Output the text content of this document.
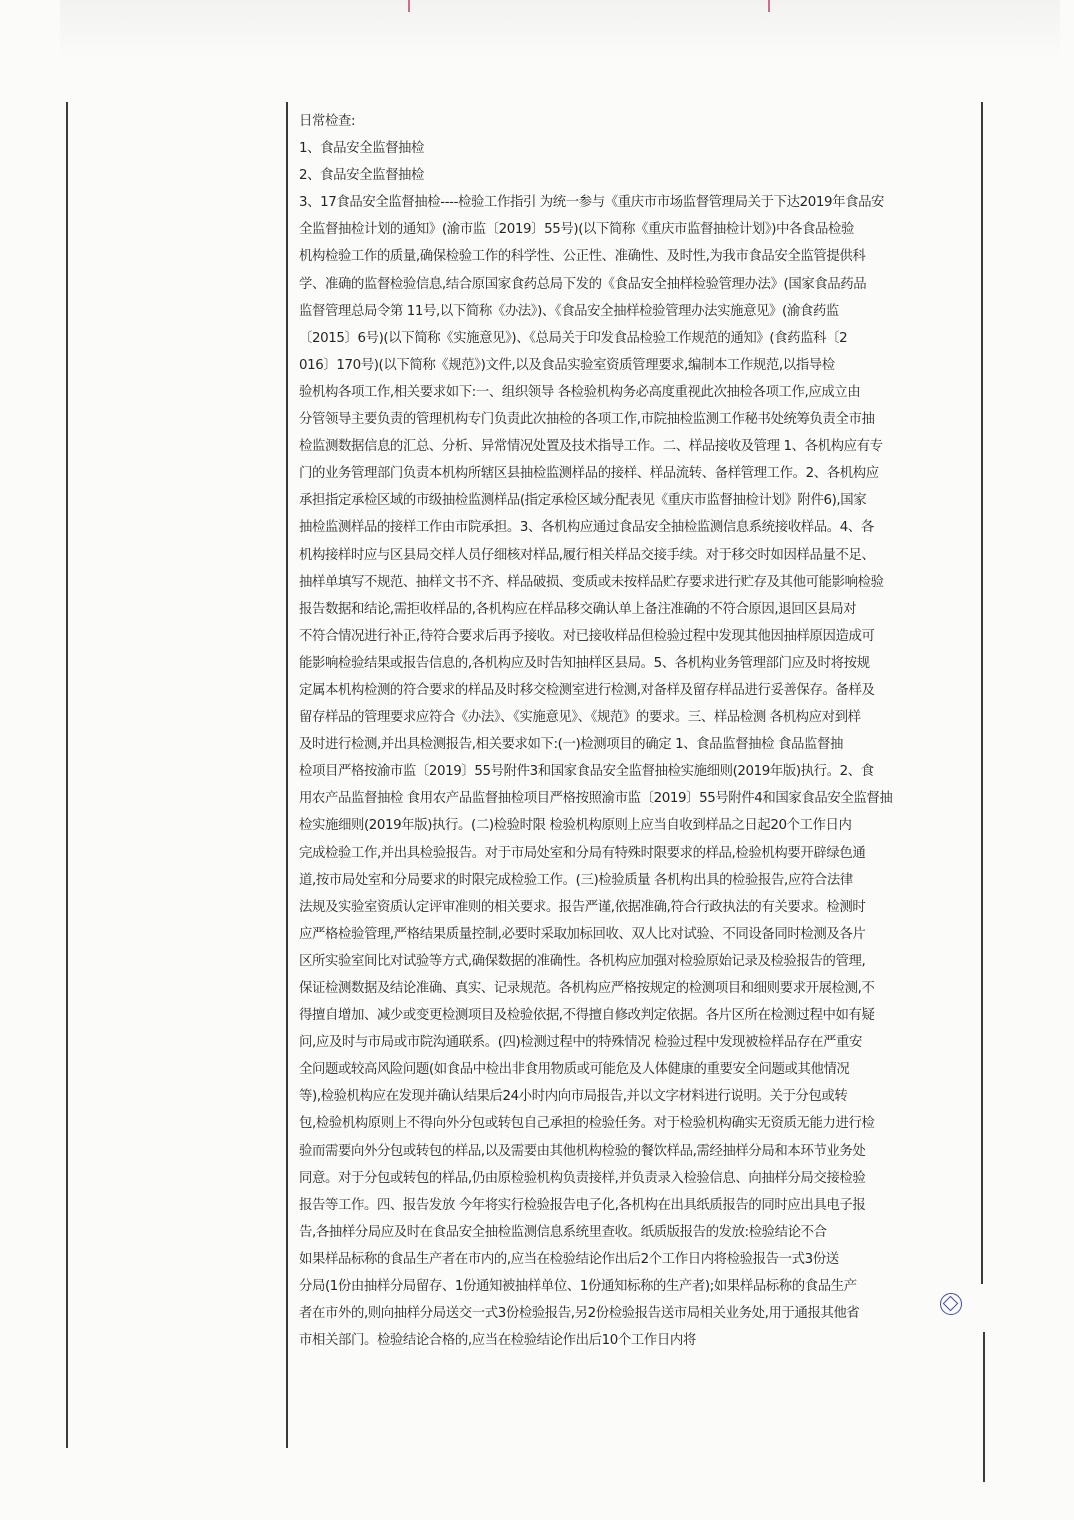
日常检查:
1、食品安全监督抽检
2、食品安全监督抽检
3、17食品安全监督抽检----检验工作指引 为统一参与《重庆市市场监督管理局关于下达2019年食品安
全监督抽检计划的通知》(渝市监〔2019〕55号)(以下简称《重庆市监督抽检计划》)中各食品检验
机构检验工作的质量,确保检验工作的科学性、公正性、准确性、及时性,为我市食品安全监管提供科
学、准确的监督检验信息,结合原国家食药总局下发的《食品安全抽样检验管理办法》(国家食品药品
监督管理总局令第 11号,以下简称《办法》)、《食品安全抽样检验管理办法实施意见》(渝食药监
〔2015〕6号)(以下简称《实施意见》)、《总局关于印发食品检验工作规范的通知》(食药监科〔2
016〕170号)(以下简称《规范》)文件,以及食品实验室资质管理要求,编制本工作规范,以指导检
验机构各项工作,相关要求如下:一、组织领导 各检验机构务必高度重视此次抽检各项工作,应成立由
分管领导主要负责的管理机构专门负责此次抽检的各项工作,市院抽检监测工作秘书处统筹负责全市抽
检监测数据信息的汇总、分析、异常情况处置及技术指导工作。二、样品接收及管理 1、各机构应有专
门的业务管理部门负责本机构所辖区县抽检监测样品的接样、样品流转、备样管理工作。2、各机构应
承担指定承检区域的市级抽检监测样品(指定承检区域分配表见《重庆市监督抽检计划》附件6),国家
抽检监测样品的接样工作由市院承担。3、各机构应通过食品安全抽检监测信息系统接收样品。4、各
机构接样时应与区县局交样人员仔细核对样品,履行相关样品交接手续。对于移交时如因样品量不足、
抽样单填写不规范、抽样文书不齐、样品破损、变质或未按样品贮存要求进行贮存及其他可能影响检验
报告数据和结论,需拒收样品的,各机构应在样品移交确认单上备注准确的不符合原因,退回区县局对
不符合情况进行补正,待符合要求后再予接收。对已接收样品但检验过程中发现其他因抽样原因造成可
能影响检验结果或报告信息的,各机构应及时告知抽样区县局。5、各机构业务管理部门应及时将按规
定属本机构检测的符合要求的样品及时移交检测室进行检测,对备样及留存样品进行妥善保存。备样及
留存样品的管理要求应符合《办法》、《实施意见》、《规范》的要求。三、样品检测 各机构应对到样
及时进行检测,并出具检测报告,相关要求如下:(一)检测项目的确定 1、食品监督抽检 食品监督抽
检项目严格按渝市监〔2019〕55号附件3和国家食品安全监督抽检实施细则(2019年版)执行。2、食
用农产品监督抽检 食用农产品监督抽检项目严格按照渝市监〔2019〕55号附件4和国家食品安全监督抽
检实施细则(2019年版)执行。(二)检验时限 检验机构原则上应当自收到样品之日起20个工作日内
完成检验工作,并出具检验报告。对于市局处室和分局有特殊时限要求的样品,检验机构要开辟绿色通
道,按市局处室和分局要求的时限完成检验工作。(三)检验质量 各机构出具的检验报告,应符合法律
法规及实验室资质认定评审准则的相关要求。报告严谨,依据准确,符合行政执法的有关要求。检测时
应严格检验管理,严格结果质量控制,必要时采取加标回收、双人比对试验、不同设备同时检测及各片
区所实验室间比对试验等方式,确保数据的准确性。各机构应加强对检验原始记录及检验报告的管理,
保证检测数据及结论准确、真实、记录规范。各机构应严格按规定的检测项目和细则要求开展检测,不
得擅自增加、减少或变更检测项目及检验依据,不得擅自修改判定依据。各片区所在检测过程中如有疑
问,应及时与市局或市院沟通联系。(四)检测过程中的特殊情况 检验过程中发现被检样品存在严重安
全问题或较高风险问题(如食品中检出非食用物质或可能危及人体健康的重要安全问题或其他情况
等),检验机构应在发现并确认结果后24小时内向市局报告,并以文字材料进行说明。关于分包或转
包,检验机构原则上不得向外分包或转包自己承担的检验任务。对于检验机构确实无资质无能力进行检
验而需要向外分包或转包的样品,以及需要由其他机构检验的餐饮样品,需经抽样分局和本环节业务处
同意。对于分包或转包的样品,仍由原检验机构负责接样,并负责录入检验信息、向抽样分局交接检验
报告等工作。四、报告发放 今年将实行检验报告电子化,各机构在出具纸质报告的同时应出具电子报
告,各抽样分局应及时在食品安全抽检监测信息系统里查收。纸质版报告的发放:检验结论不合
如果样品标称的食品生产者在市内的,应当在检验结论作出后2个工作日内将检验报告一式3份送
分局(1份由抽样分局留存、1份通知被抽样单位、1份通知标称的生产者);如果样品标称的食品生产
者在市外的,则向抽样分局送交一式3份检验报告,另2份检验报告送市局相关业务处,用于通报其他省
市相关部门。检验结论合格的,应当在检验结论作出后10个工作日内将
